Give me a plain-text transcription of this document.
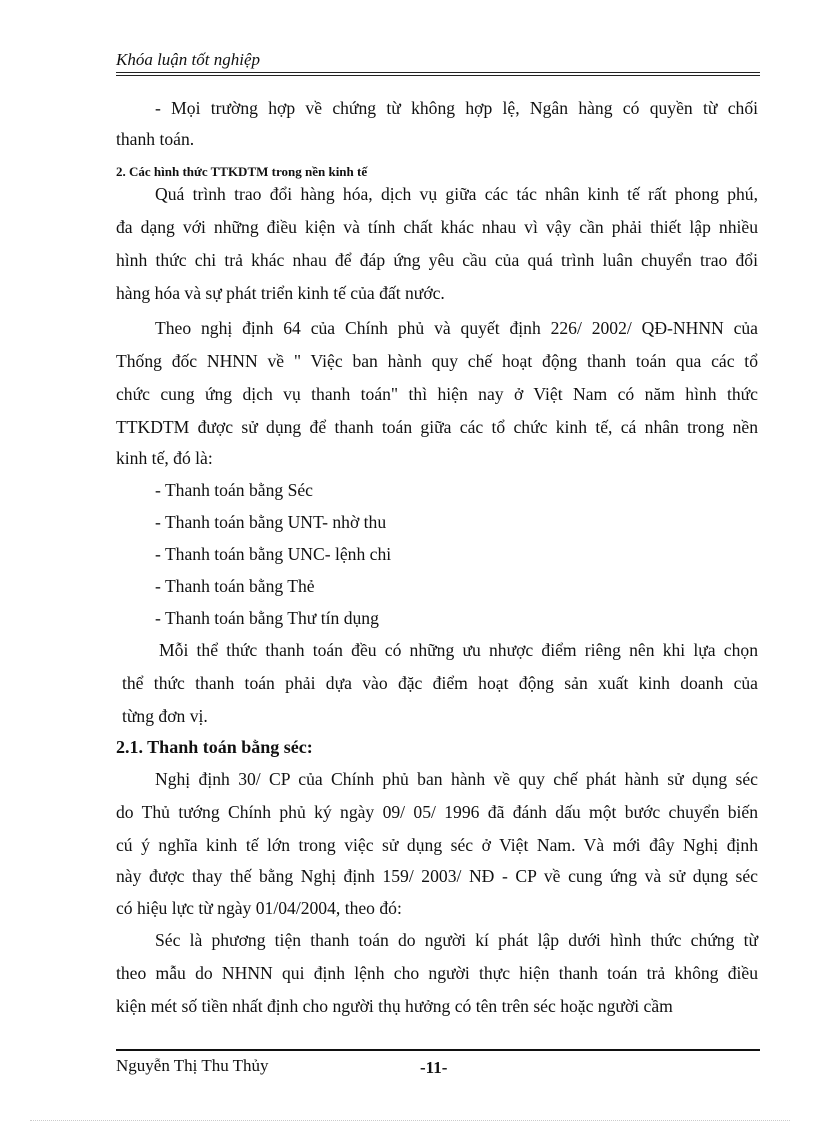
Khóa luận tốt nghiệp
- Mọi trường hợp về chứng từ không hợp lệ, Ngân hàng có quyền từ chối
thanh toán.
2. Các hình thức TTKDTM trong nền kinh tế
Quá trình trao đổi hàng hóa, dịch vụ giữa các tác nhân kinh tế rất phong phú,
đa dạng với những điều kiện và tính chất khác nhau vì vậy cần phải thiết lập nhiều
hình thức chi trả khác nhau để đáp ứng yêu cầu của quá trình luân chuyển trao đổi
hàng hóa và sự phát triển kinh tế của đất nước.
Theo nghị định 64 của Chính phủ và quyết định 226/ 2002/ QĐ-NHNN của
Thống đốc NHNN về " Việc ban hành quy chế hoạt động thanh toán qua các tổ
chức cung ứng dịch vụ thanh toán" thì hiện nay ở Việt Nam có năm hình thức
TTKDTM được sử dụng để thanh toán giữa các tổ chức kinh tế, cá nhân trong nền
kinh tế, đó là:
- Thanh toán bằng Séc
- Thanh toán bằng UNT- nhờ thu
- Thanh toán bằng UNC- lệnh chi
- Thanh toán bằng Thẻ
- Thanh toán bằng Thư tín dụng
Mỗi thể thức thanh toán đều có những ưu nhược điểm riêng nên khi lựa chọn
thể thức thanh toán phải dựa vào đặc điểm hoạt động sản xuất kinh doanh của
từng đơn vị.
2.1. Thanh toán bằng séc:
Nghị định 30/ CP của Chính phủ ban hành về quy chế phát hành sử dụng séc
do Thủ tướng Chính phủ ký ngày 09/ 05/ 1996 đã đánh dấu một bước chuyển biến
cú ý nghĩa kinh tế lớn trong việc sử dụng séc ở Việt Nam. Và mới đây Nghị định
này được thay thế bằng Nghị định 159/ 2003/ NĐ - CP về cung ứng và sử dụng séc
có hiệu lực từ ngày 01/04/2004, theo đó:
Séc là phương tiện thanh toán do người kí phát lập dưới hình thức chứng từ
theo mẫu do NHNN qui định lệnh cho người thực hiện thanh toán trả không điều
kiện mét số tiền nhất định cho người thụ hưởng có tên trên séc hoặc người cầm
Nguyễn Thị Thu Thủy	-11-
